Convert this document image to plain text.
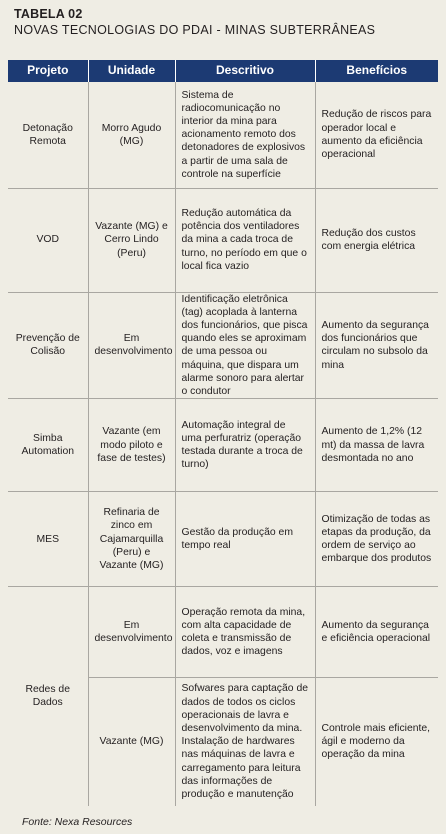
TABELA 02
NOVAS TECNOLOGIAS DO PDAI - MINAS SUBTERRÂNEAS
Projeto	Unidade	Descritivo	Benefícios
Detonação Remota	Morro Agudo (MG)	Sistema de radiocomunicação no interior da mina para acionamento remoto dos detonadores de explosivos a partir de uma sala de controle na superfície	Redução de riscos para operador local e aumento da eficiência operacional
VOD	Vazante (MG) e Cerro Lindo (Peru)	Redução automática da potência dos ventiladores da mina a cada troca de turno, no período em que o local fica vazio	Redução dos custos com energia elétrica
Prevenção de Colisão	Em desenvolvimento	Identificação eletrônica (tag) acoplada à lanterna dos funcionários, que pisca quando eles se aproximam de uma pessoa ou máquina, que dispara um alarme sonoro para alertar o condutor	Aumento da segurança dos funcionários que circulam no subsolo da mina
Simba Automation	Vazante (em modo piloto e fase de testes)	Automação integral de uma perfuratriz (operação testada durante a troca de turno)	Aumento de 1,2% (12 mt) da massa de lavra desmontada no ano
MES	Refinaria de zinco em Cajamarquilla (Peru) e Vazante (MG)	Gestão da produção em tempo real	Otimização de todas as etapas da produção, da ordem de serviço ao embarque dos produtos
Redes de Dados	Em desenvolvimento	Operação remota da mina, com alta capacidade de coleta e transmissão de dados, voz e imagens	Aumento da segurança e eficiência operacional
	Vazante (MG)	Sofwares para captação de dados de todos os ciclos operacionais de lavra e desenvolvimento da mina. Instalação de hardwares nas máquinas de lavra e carregamento para leitura das informações de produção e manutenção	Controle mais eficiente, ágil e moderno da operação da mina
Fonte: Nexa Resources
